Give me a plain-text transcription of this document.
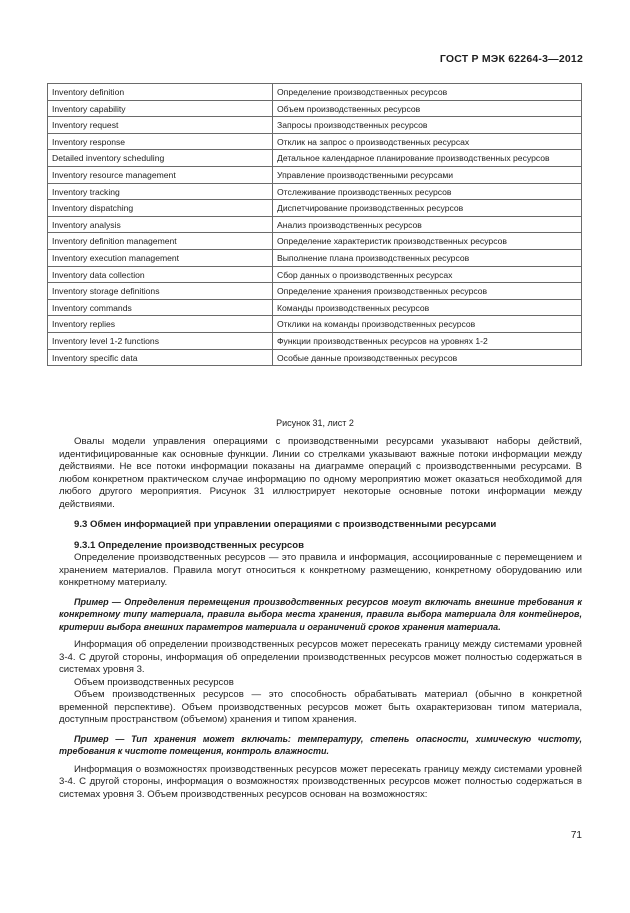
ГОСТ Р МЭК 62264-3—2012
Inventory definition	Определение производственных ресурсов
Inventory capability	Объем производственных ресурсов
Inventory request	Запросы производственных ресурсов
Inventory response	Отклик на запрос о производственных ресурсах
Detailed inventory scheduling	Детальное календарное планирование производственных ресурсов
Inventory resource management	Управление производственными ресурсами
Inventory tracking	Отслеживание производственных ресурсов
Inventory dispatching	Диспетчирование производственных ресурсов
Inventory analysis	Анализ производственных ресурсов
Inventory definition management	Определение характеристик производственных ресурсов
Inventory execution management	Выполнение плана производственных ресурсов
Inventory data collection	Сбор данных о производственных ресурсах
Inventory storage definitions	Определение хранения производственных ресурсов
Inventory commands	Команды производственных ресурсов
Inventory replies	Отклики на команды производственных ресурсов
Inventory level 1-2 functions	Функции производственных ресурсов на уровнях 1-2
Inventory specific data	Особые данные производственных ресурсов
Рисунок 31, лист 2

Овалы модели управления операциями с производственными ресурсами указывают наборы действий, идентифицированные как основные функции. Линии со стрелками указывают важные потоки информации между действиями. Не все потоки информации показаны на диаграмме операций с производственными ресурсами. В любом конкретном практическом случае информацию по одному мероприятию может оказаться необходимой для любого другого мероприятия. Рисунок 31 иллюстрирует некоторые основные потоки информации между действиями.

9.3 Обмен информацией при управлении операциями с производственными ресурсами

9.3.1 Определение производственных ресурсов

Определение производственных ресурсов — это правила и информация, ассоциированные с перемещением и хранением материалов. Правила могут относиться к конкретному размещению, конкретному оборудованию или конкретному материалу.

Пример — Определения перемещения производственных ресурсов могут включать внешние требования к конкретному типу материала, правила выбора места хранения, правила выбора материала для контейнеров, критерии выбора внешних параметров материала и ограничений сроков хранения материала.

Информация об определении производственных ресурсов может пересекать границу между системами уровней 3-4. С другой стороны, информация об определении производственных ресурсов может полностью содержаться в системах уровня 3.

Объем производственных ресурсов

Объем производственных ресурсов — это способность обрабатывать материал (обычно в конкретной временной перспективе). Объем производственных ресурсов может быть охарактеризован типом материала, доступным пространством (объемом) хранения и типом хранения.

Пример — Тип хранения может включать: температуру, степень опасности, химическую чистоту, требования к чистоте помещения, контроль влажности.

Информация о возможностях производственных ресурсов может пересекать границу между системами уровней 3-4. С другой стороны, информация о возможностях производственных ресурсов может полностью содержаться в системах уровня 3. Объем производственных ресурсов основан на возможностях:

71
